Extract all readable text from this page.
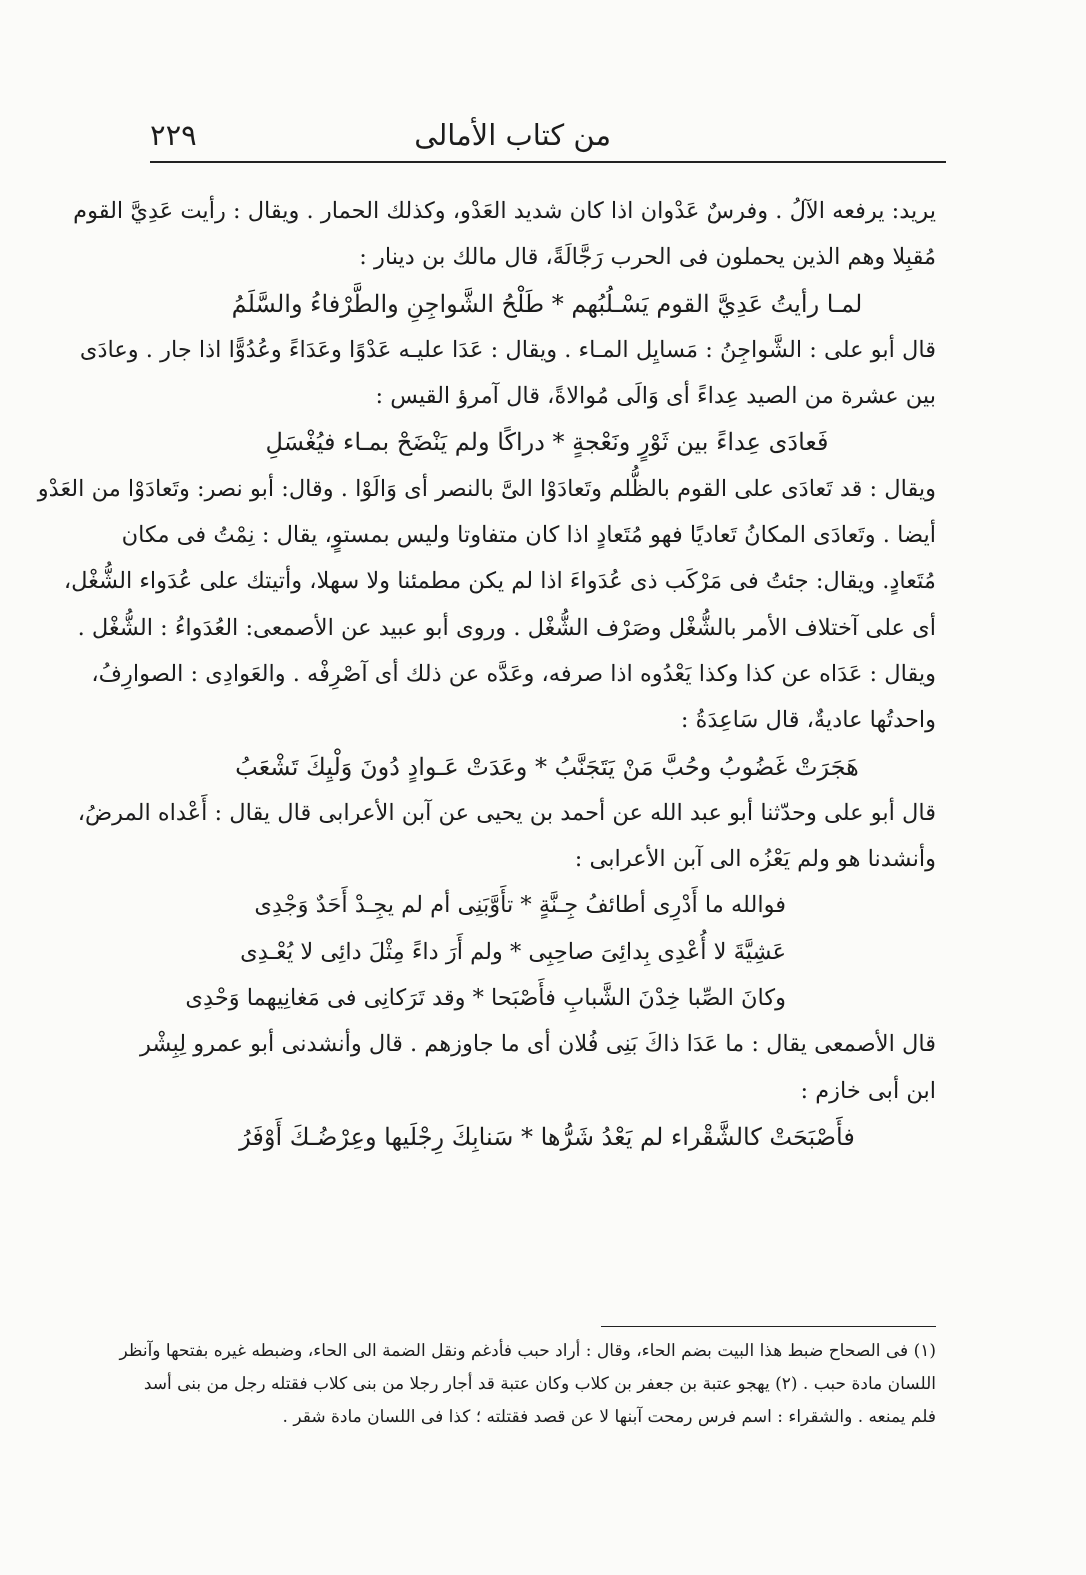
من كتاب الأمالى
٢٢٩
يريد: يرفعه الآلُ . وفرسٌ عَدْوان اذا كان شديد العَدْو، وكذلك الحمار . ويقال : رأيت عَدِيَّ القوم
مُقبِلا وهم الذين يحملون فى الحرب رَجَّالَةً، قال مالك بن دينار :
لمـا رأيتُ عَدِيَّ القوم يَسْـلُبُهم * طَلْحُ الشَّواجِنِ والطَّرْفاءُ والسَّلَمُ
قال أبو على : الشَّواجِنُ : مَسايِل المـاء . ويقال : عَدَا عليـه عَدْوًا وعَدَاءً وعُدُوًّا اذا جار . وعادَى
بين عشرة من الصيد عِداءً أى وَالَى مُوالاةً، قال آمرؤ القيس :
فَعادَى عِداءً بين ثَوْرٍ ونَعْجةٍ * دراكًا ولم يَنْضَحْ بمـاء فيُغْسَلِ
ويقال : قد تَعادَى على القوم بالظُّلم وتَعادَوْا الىَّ بالنصر أى وَالَوْا . وقال: أبو نصر: وتَعادَوْا من العَدْو
أيضا . وتَعادَى المكانُ تَعاديًا فهو مُتَعادٍ اذا كان متفاوتا وليس بمستوٍ، يقال : نِمْتُ فى مكان
مُتَعادٍ. ويقال: جئتُ فى مَرْكَب ذى عُدَواءَ اذا لم يكن مطمئنا ولا سهلا، وأتيتك على عُدَواء الشُّغْل،
أى على آختلاف الأمر بالشُّغْل وصَرْف الشُّغْل . وروى أبو عبيد عن الأصمعى: العُدَواءُ : الشُّغْل .
ويقال : عَدَاه عن كذا وكذا يَعْدُوه اذا صرفه، وعَدَّه عن ذلك أى آصْرِفْه . والعَوادِى : الصوارِفُ،
واحدتُها عاديةٌ، قال سَاعِدَةُ :
هَجَرَتْ غَضُوبُ وحُبَّ مَنْ يَتَجَنَّبُ * وعَدَتْ عَـوادٍ دُونَ وَلْيِكَ تَشْعَبُ
قال أبو على وحدّثنا أبو عبد الله عن أحمد بن يحيى عن آبن الأعرابى قال يقال : أَعْداه المرضُ،
وأنشدنا هو ولم يَعْزُه الى آبن الأعرابى :
فوالله ما أَدْرِى أطائفُ جِـنَّةٍ * تأَوَّبَنِى أم لم يجِـدْ أَحَدٌ وَجْدِى
عَشِيَّةَ لا أُعْدِى بِدائِىَ صاحِبِى * ولم أَرَ داءً مِثْلَ دائِى لا يُعْـدِى
وكانَ الصِّبا خِدْنَ الشَّبابِ فأَصْبَحا * وقد تَرَكانِى فى مَغانِيهما وَحْدِى
قال الأصمعى يقال : ما عَدَا ذاكَ بَنِى فُلان أى ما جاوزهم . قال وأنشدنى أبو عمرو لِبِشْر
ابن أبى خازم :
فأَصْبَحَتْ كالشَّقْراء لم يَعْدُ شَرُّها * سَنابِكَ رِجْلَيها وعِرْضُـكَ أَوْفَرُ
(١) فى الصحاح ضبط هذا البيت بضم الحاء، وقال : أراد حبب فأدغم ونقل الضمة الى الحاء، وضبطه غيره بفتحها وآنظر
اللسان مادة حبب . (٢) يهجو عتبة بن جعفر بن كلاب وكان عتبة قد أجار رجلا من بنى كلاب فقتله رجل من بنى أسد
فلم يمنعه . والشقراء : اسم فرس رمحت آبنها لا عن قصد فقتلته ؛ كذا فى اللسان مادة شقر .
